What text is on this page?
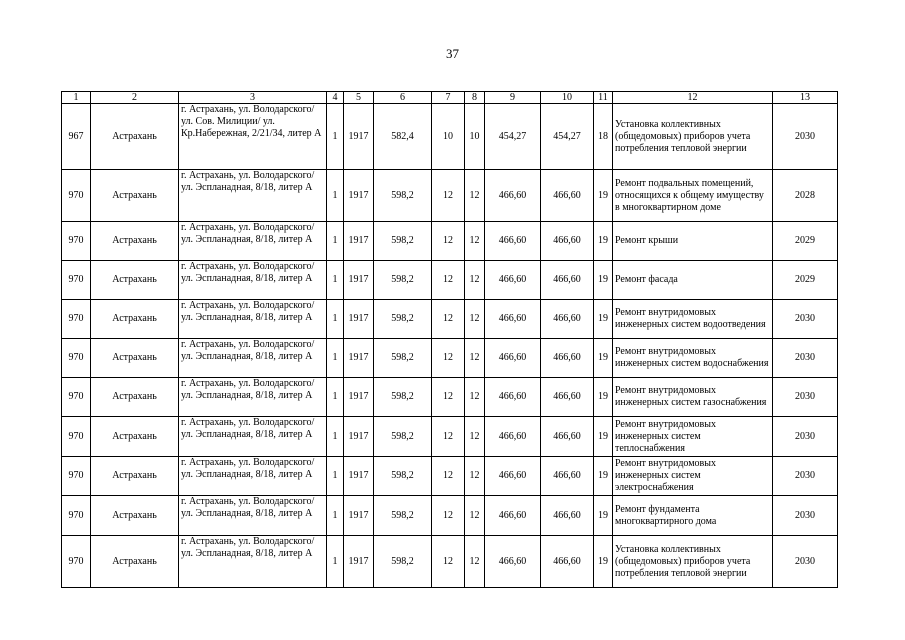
37
1	2	3	4	5	6	7	8	9	10	11	12	13
967	Астрахань	г. Астрахань, ул. Володарского/ ул. Сов. Милиции/ ул. Кр.Набережная, 2/21/34, литер А	1	1917	582,4	10	10	454,27	454,27	18	Установка коллективных (общедомовых) приборов учета потребления тепловой энергии	2030
970	Астрахань	г. Астрахань, ул. Володарского/ ул. Эспланадная, 8/18, литер А	1	1917	598,2	12	12	466,60	466,60	19	Ремонт подвальных помещений, относящихся к общему имуществу в многоквартирном доме	2028
970	Астрахань	г. Астрахань, ул. Володарского/ ул. Эспланадная, 8/18, литер А	1	1917	598,2	12	12	466,60	466,60	19	Ремонт крыши	2029
970	Астрахань	г. Астрахань, ул. Володарского/ ул. Эспланадная, 8/18, литер А	1	1917	598,2	12	12	466,60	466,60	19	Ремонт фасада	2029
970	Астрахань	г. Астрахань, ул. Володарского/ ул. Эспланадная, 8/18, литер А	1	1917	598,2	12	12	466,60	466,60	19	Ремонт внутридомовых инженерных систем водоотведения	2030
970	Астрахань	г. Астрахань, ул. Володарского/ ул. Эспланадная, 8/18, литер А	1	1917	598,2	12	12	466,60	466,60	19	Ремонт внутридомовых инженерных систем водоснабжения	2030
970	Астрахань	г. Астрахань, ул. Володарского/ ул. Эспланадная, 8/18, литер А	1	1917	598,2	12	12	466,60	466,60	19	Ремонт внутридомовых инженерных систем газоснабжения	2030
970	Астрахань	г. Астрахань, ул. Володарского/ ул. Эспланадная, 8/18, литер А	1	1917	598,2	12	12	466,60	466,60	19	Ремонт внутридомовых инженерных систем теплоснабжения	2030
970	Астрахань	г. Астрахань, ул. Володарского/ ул. Эспланадная, 8/18, литер А	1	1917	598,2	12	12	466,60	466,60	19	Ремонт внутридомовых инженерных систем электроснабжения	2030
970	Астрахань	г. Астрахань, ул. Володарского/ ул. Эспланадная, 8/18, литер А	1	1917	598,2	12	12	466,60	466,60	19	Ремонт фундамента многоквартирного дома	2030
970	Астрахань	г. Астрахань, ул. Володарского/ ул. Эспланадная, 8/18, литер А	1	1917	598,2	12	12	466,60	466,60	19	Установка коллективных (общедомовых) приборов учета потребления тепловой энергии	2030
